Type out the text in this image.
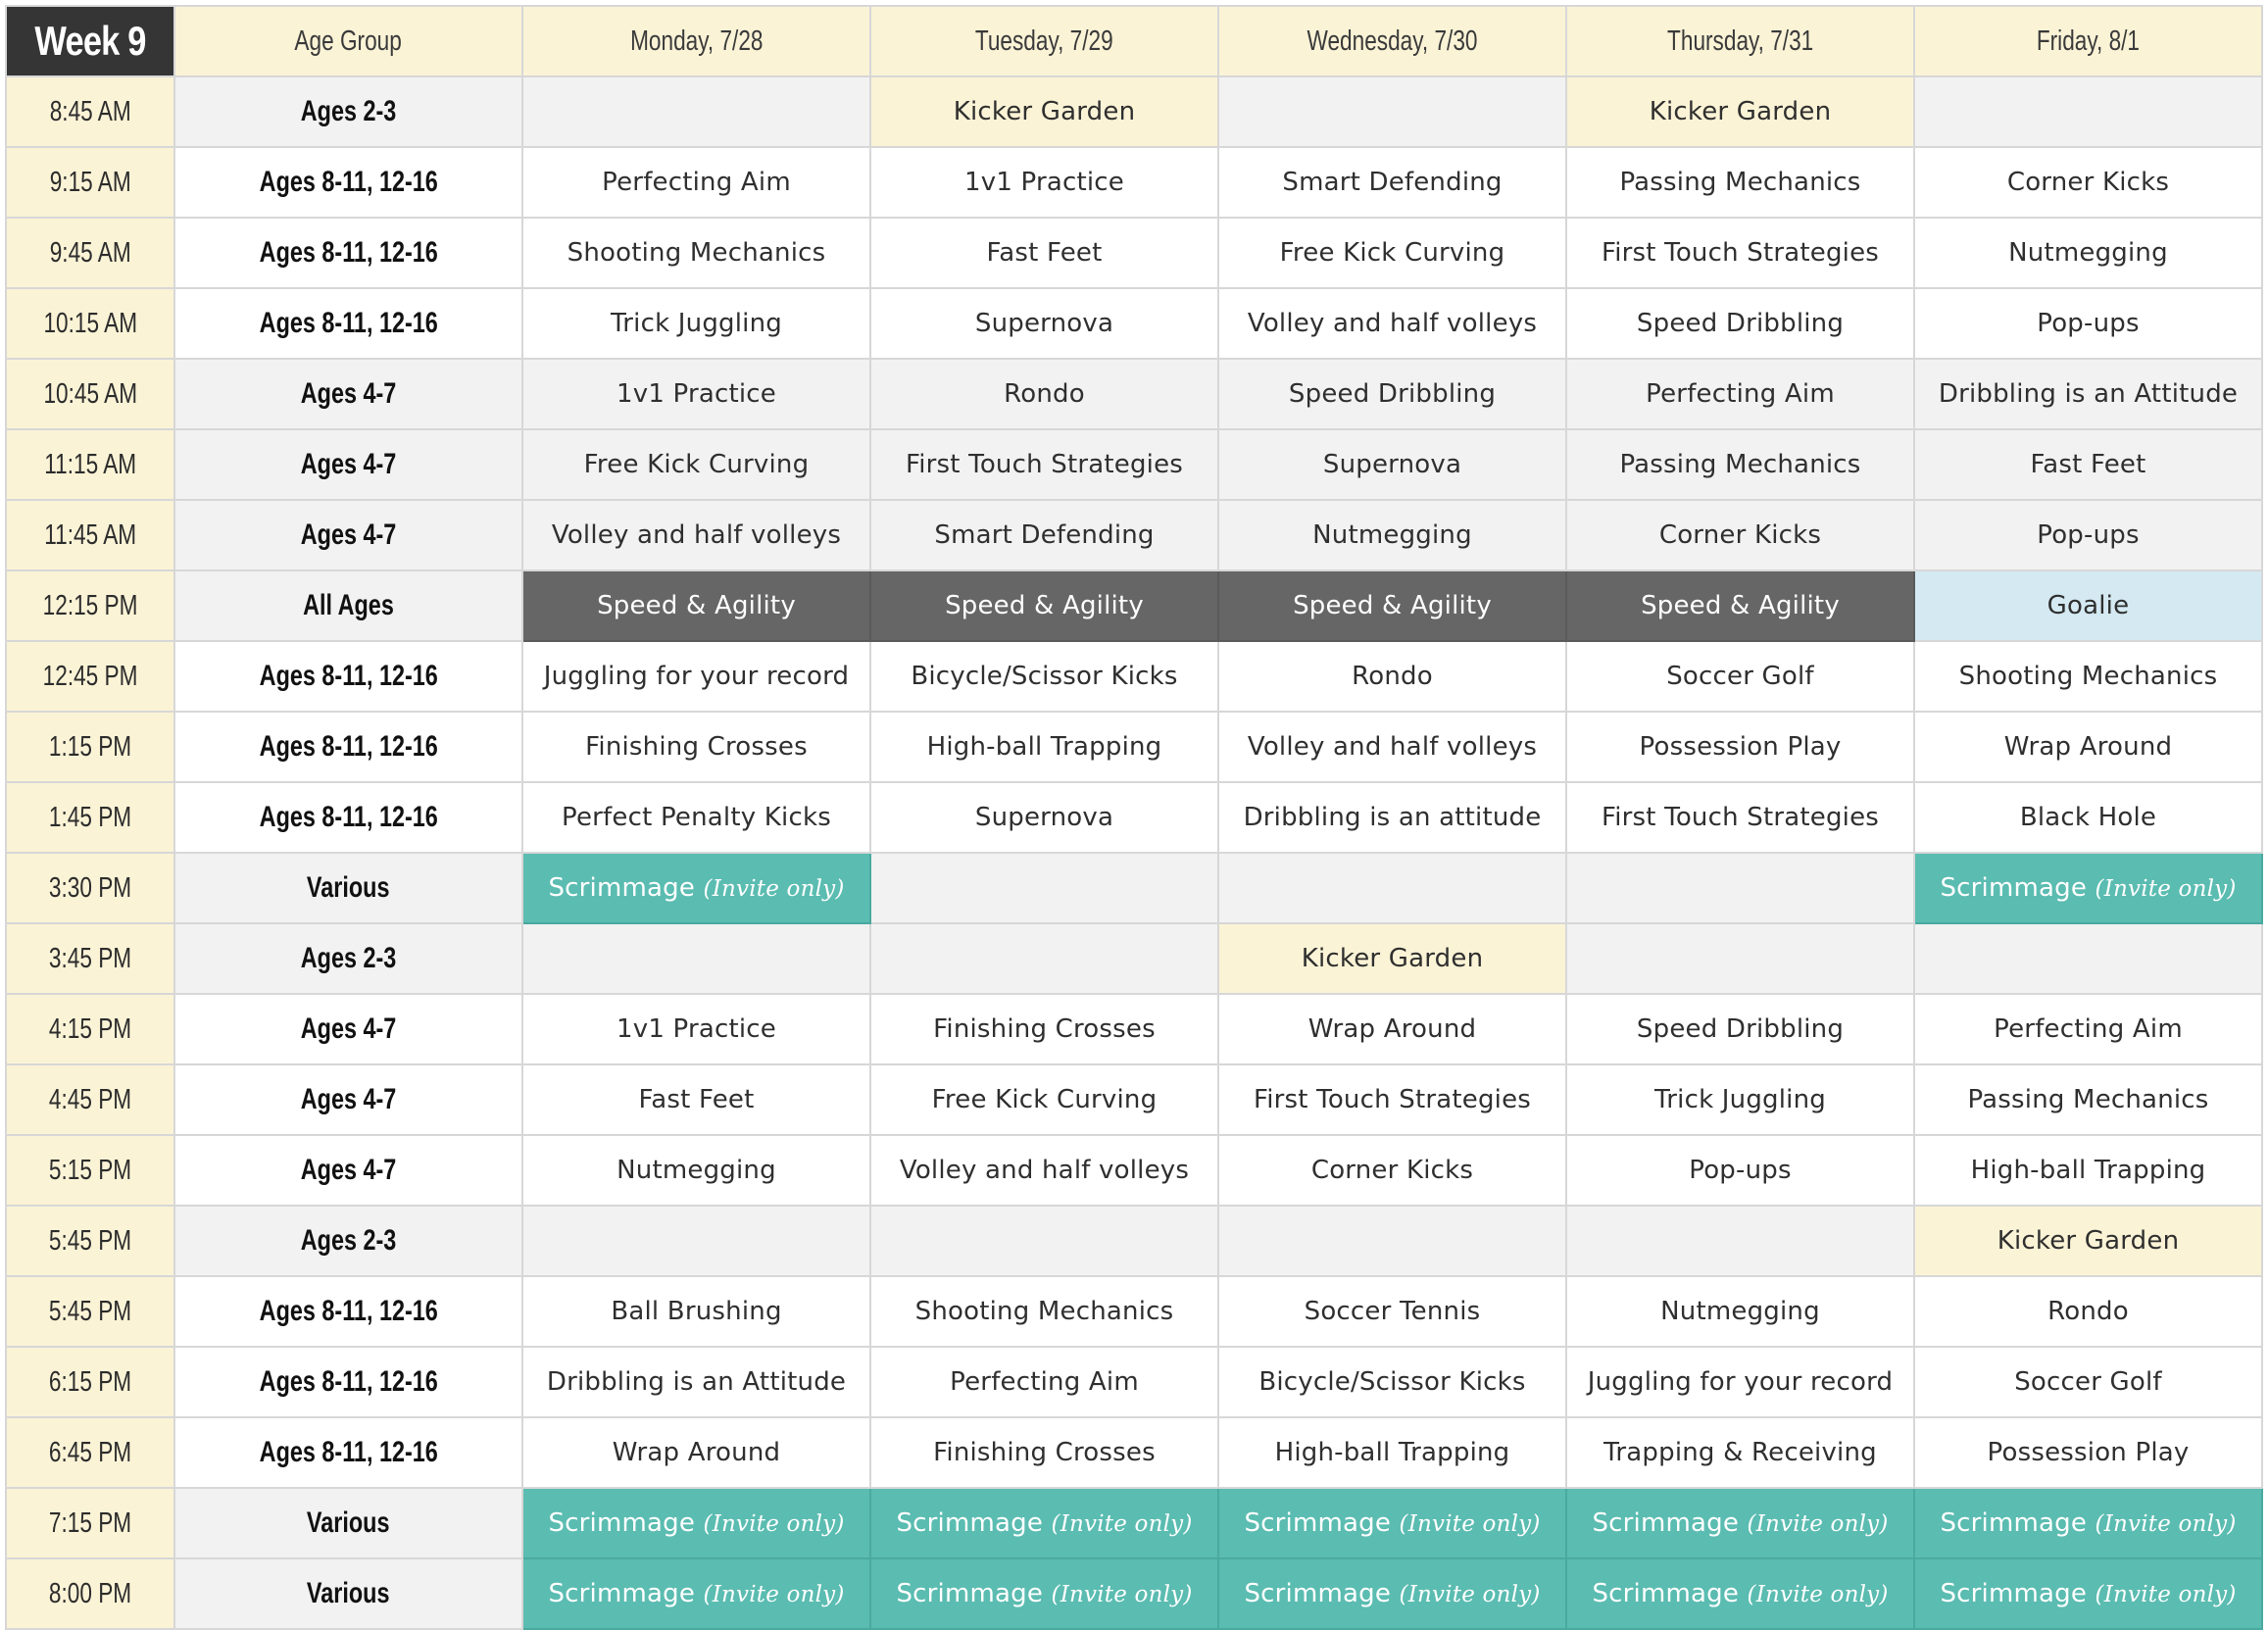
Week 9	Age Group	Monday, 7/28	Tuesday, 7/29	Wednesday, 7/30	Thursday, 7/31	Friday, 8/1
8:45 AM	Ages 2-3		Kicker Garden		Kicker Garden	
9:15 AM	Ages 8-11, 12-16	Perfecting Aim	1v1 Practice	Smart Defending	Passing Mechanics	Corner Kicks
9:45 AM	Ages 8-11, 12-16	Shooting Mechanics	Fast Feet	Free Kick Curving	First Touch Strategies	Nutmegging
10:15 AM	Ages 8-11, 12-16	Trick Juggling	Supernova	Volley and half volleys	Speed Dribbling	Pop-ups
10:45 AM	Ages 4-7	1v1 Practice	Rondo	Speed Dribbling	Perfecting Aim	Dribbling is an Attitude
11:15 AM	Ages 4-7	Free Kick Curving	First Touch Strategies	Supernova	Passing Mechanics	Fast Feet
11:45 AM	Ages 4-7	Volley and half volleys	Smart Defending	Nutmegging	Corner Kicks	Pop-ups
12:15 PM	All Ages	Speed & Agility	Speed & Agility	Speed & Agility	Speed & Agility	Goalie
12:45 PM	Ages 8-11, 12-16	Juggling for your record	Bicycle/Scissor Kicks	Rondo	Soccer Golf	Shooting Mechanics
1:15 PM	Ages 8-11, 12-16	Finishing Crosses	High-ball Trapping	Volley and half volleys	Possession Play	Wrap Around
1:45 PM	Ages 8-11, 12-16	Perfect Penalty Kicks	Supernova	Dribbling is an attitude	First Touch Strategies	Black Hole
3:30 PM	Various	Scrimmage (Invite only)				Scrimmage (Invite only)
3:45 PM	Ages 2-3			Kicker Garden		
4:15 PM	Ages 4-7	1v1 Practice	Finishing Crosses	Wrap Around	Speed Dribbling	Perfecting Aim
4:45 PM	Ages 4-7	Fast Feet	Free Kick Curving	First Touch Strategies	Trick Juggling	Passing Mechanics
5:15 PM	Ages 4-7	Nutmegging	Volley and half volleys	Corner Kicks	Pop-ups	High-ball Trapping
5:45 PM	Ages 2-3					Kicker Garden
5:45 PM	Ages 8-11, 12-16	Ball Brushing	Shooting Mechanics	Soccer Tennis	Nutmegging	Rondo
6:15 PM	Ages 8-11, 12-16	Dribbling is an Attitude	Perfecting Aim	Bicycle/Scissor Kicks	Juggling for your record	Soccer Golf
6:45 PM	Ages 8-11, 12-16	Wrap Around	Finishing Crosses	High-ball Trapping	Trapping & Receiving	Possession Play
7:15 PM	Various	Scrimmage (Invite only)	Scrimmage (Invite only)	Scrimmage (Invite only)	Scrimmage (Invite only)	Scrimmage (Invite only)
8:00 PM	Various	Scrimmage (Invite only)	Scrimmage (Invite only)	Scrimmage (Invite only)	Scrimmage (Invite only)	Scrimmage (Invite only)
